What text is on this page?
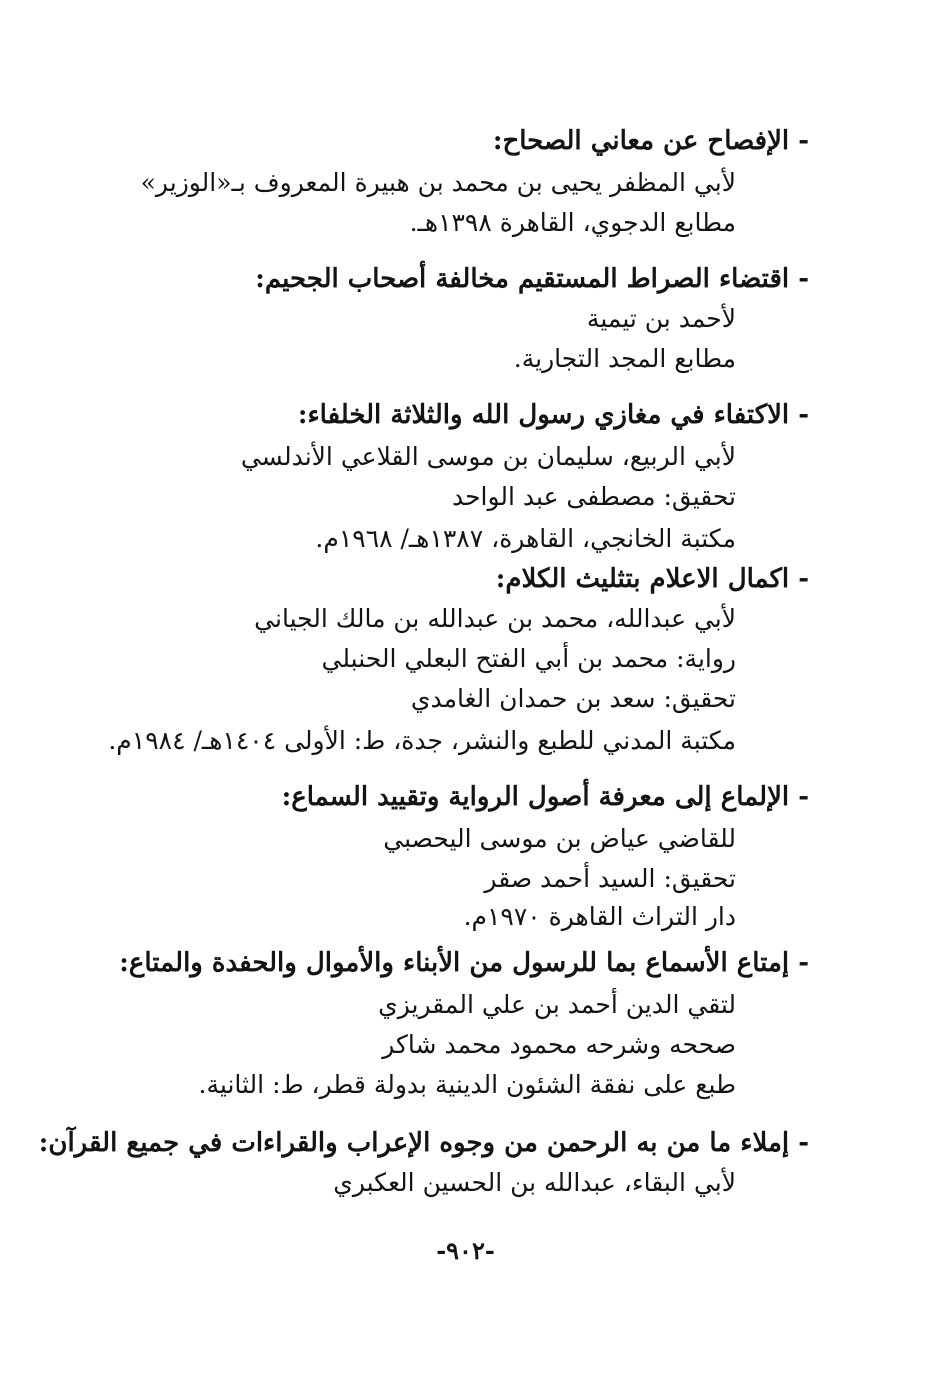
- الإفصاح عن معاني الصحاح:
لأبي المظفر يحيى بن محمد بن هبيرة المعروف بـ«الوزير»
مطابع الدجوي، القاهرة ١٣٩٨هـ.
- اقتضاء الصراط المستقيم مخالفة أصحاب الجحيم:
لأحمد بن تيمية
مطابع المجد التجارية.
- الاكتفاء في مغازي رسول الله والثلاثة الخلفاء:
لأبي الربيع، سليمان بن موسى القلاعي الأندلسي
تحقيق: مصطفى عبد الواحد
مكتبة الخانجي، القاهرة، ١٣٨٧هـ/ ١٩٦٨م.
- اكمال الاعلام بتثليث الكلام:
لأبي عبدالله، محمد بن عبدالله بن مالك الجياني
رواية: محمد بن أبي الفتح البعلي الحنبلي
تحقيق: سعد بن حمدان الغامدي
مكتبة المدني للطبع والنشر، جدة، ط: الأولى ١٤٠٤هـ/ ١٩٨٤م.
- الإلماع إلى معرفة أصول الرواية وتقييد السماع:
للقاضي عياض بن موسى اليحصبي
تحقيق: السيد أحمد صقر
دار التراث القاهرة ١٩٧٠م.
- إمتاع الأسماع بما للرسول من الأبناء والأموال والحفدة والمتاع:
لتقي الدين أحمد بن علي المقريزي
صححه وشرحه محمود محمد شاكر
طبع على نفقة الشئون الدينية بدولة قطر، ط: الثانية.
- إملاء ما من به الرحمن من وجوه الإعراب والقراءات في جميع القرآن:
لأبي البقاء، عبدالله بن الحسين العكبري
-٩٠٢-
